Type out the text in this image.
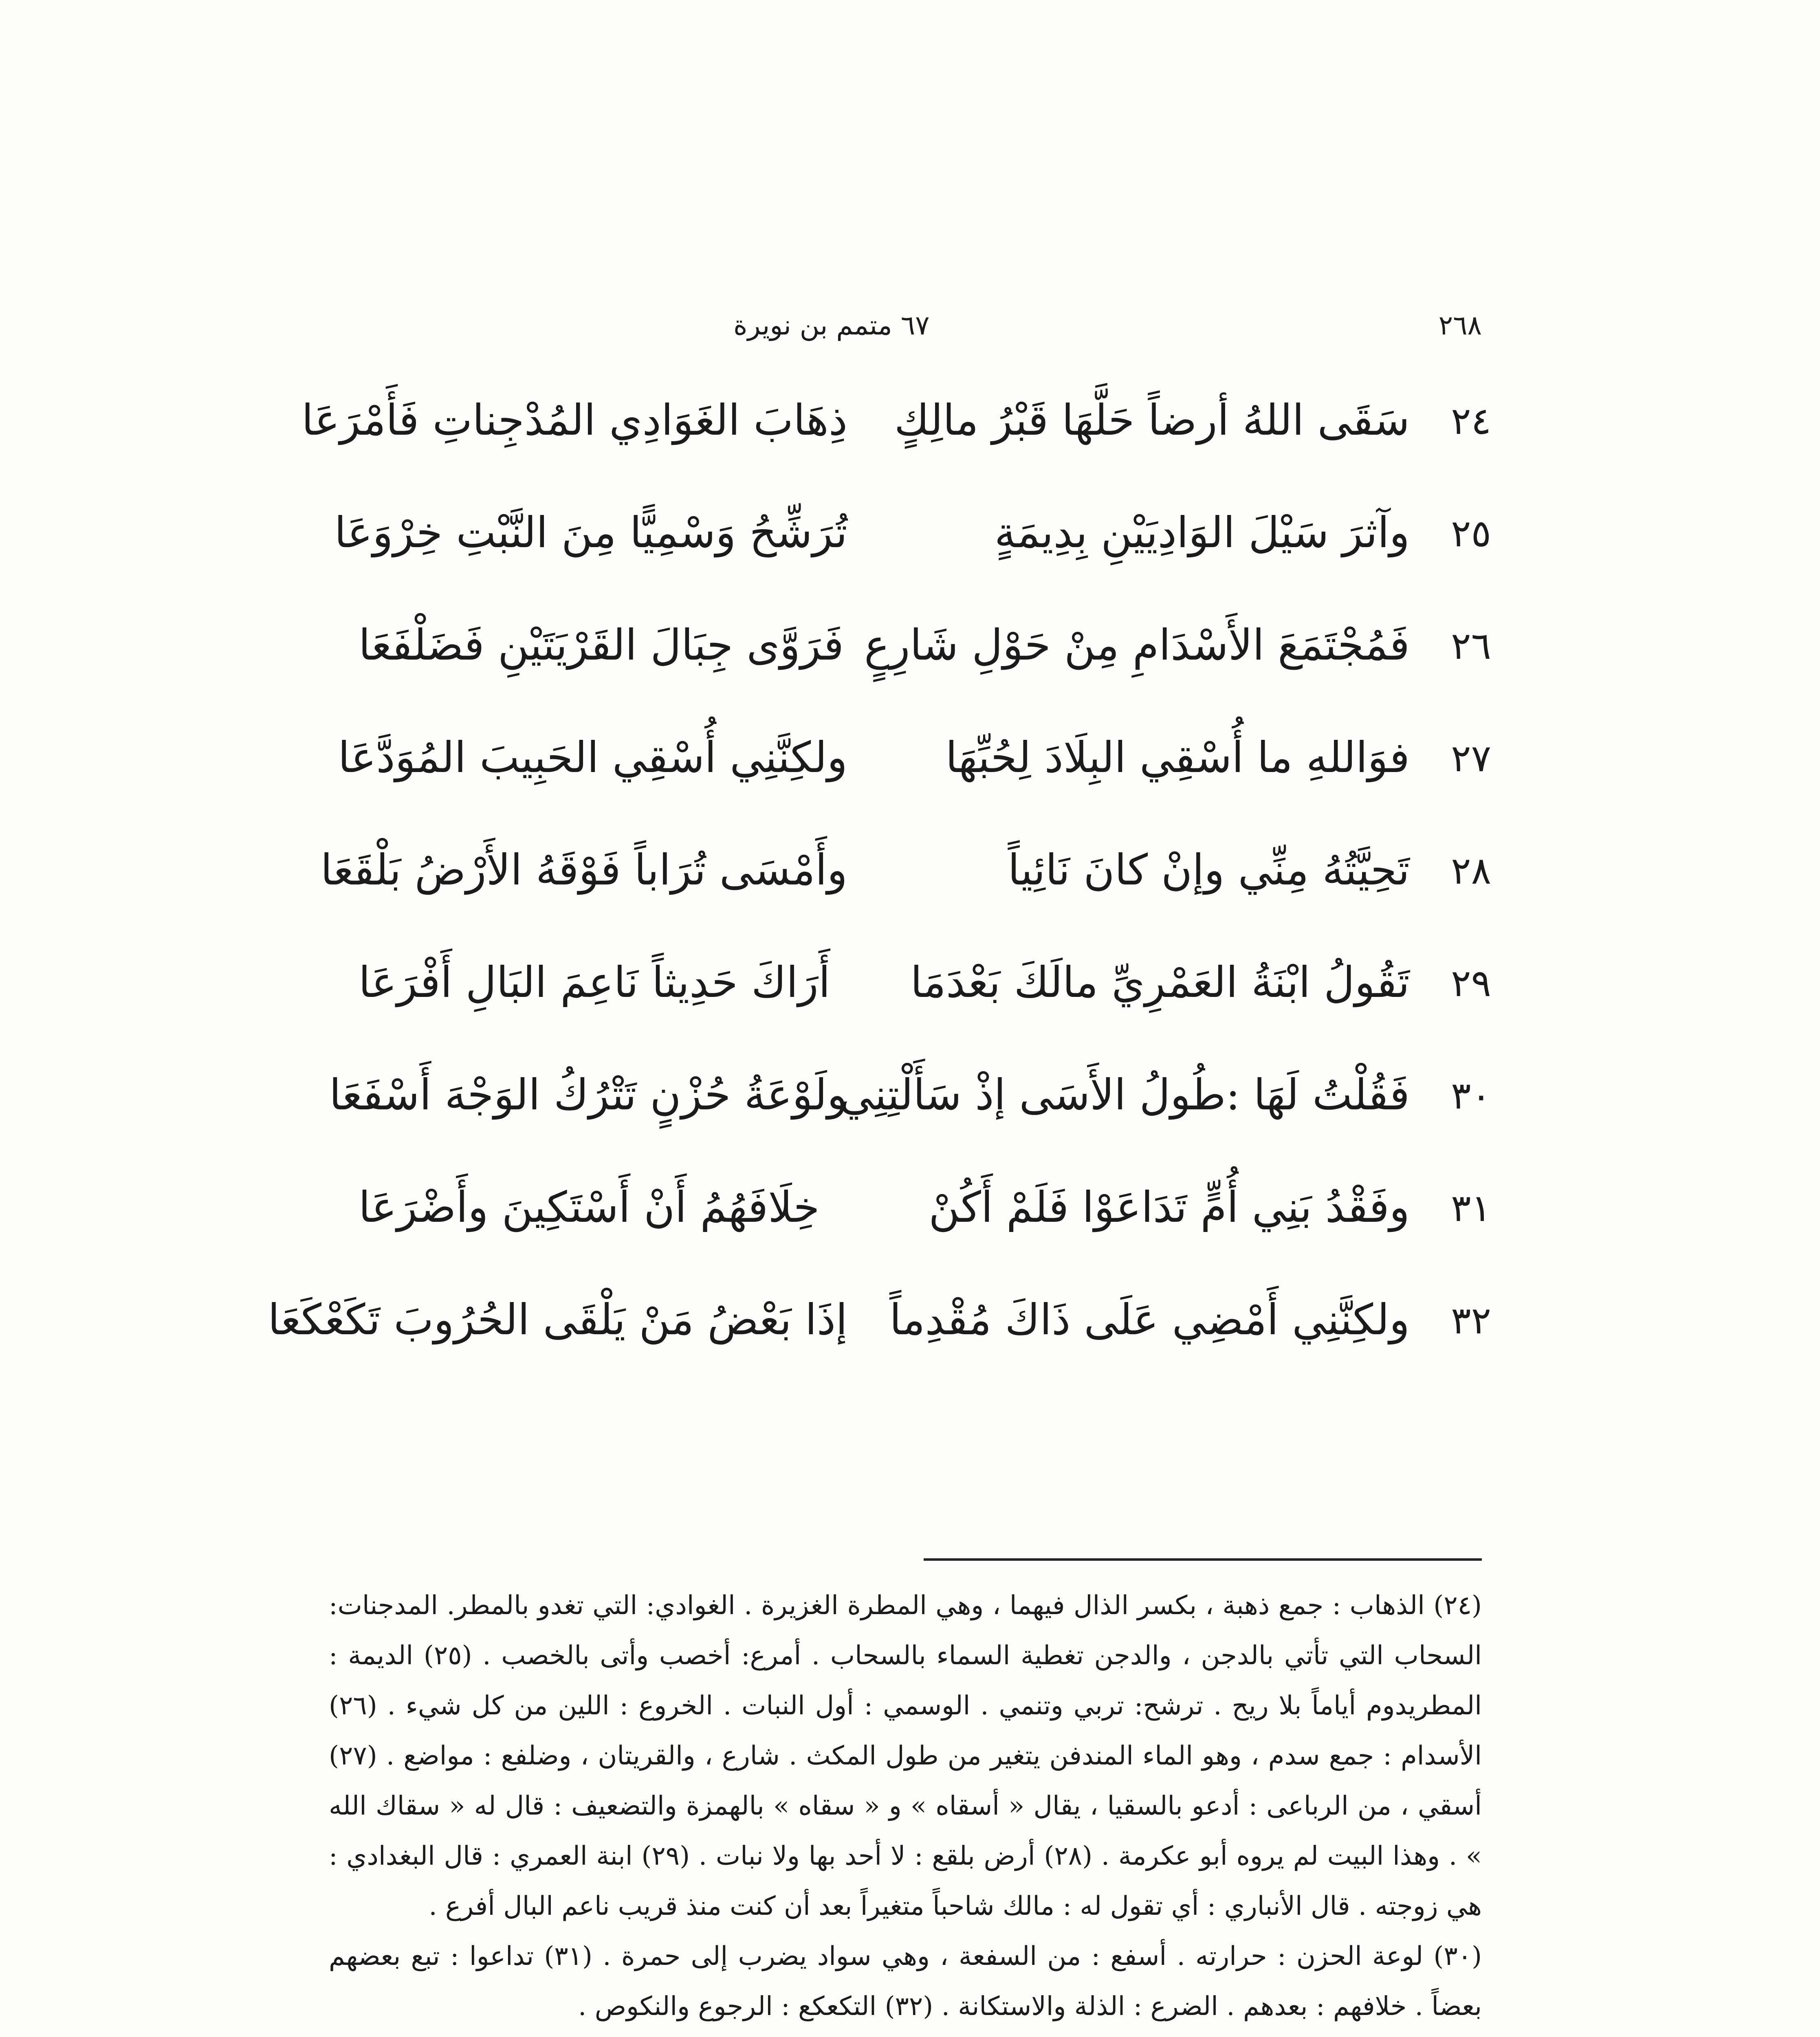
٢٦٨
٦٧ متمم بن نويرة
٢٤
سَقَى اللهُ أرضاً حَلَّهَا قَبْرُ مالِكٍ
ذِهَابَ الغَوَادِي المُدْجِناتِ فَأَمْرَعَا
٢٥
وآثرَ سَيْلَ الوَادِيَيْنِ بِدِيمَةٍ
تُرَشِّحُ وَسْمِيًّا مِنَ النَّبْتِ خِرْوَعَا
٢٦
فَمُجْتَمَعَ الأَسْدَامِ مِنْ حَوْلِ شَارِعٍ
فَرَوَّى جِبَالَ القَرْيَتَيْنِ فَضَلْفَعَا
٢٧
فوَاللهِ ما أُسْقِي البِلَادَ لِحُبِّهَا
ولكِنَّنِي أُسْقِي الحَبِيبَ المُوَدَّعَا
٢٨
تَحِيَّتُهُ مِنِّي وإنْ كانَ نَائِياً
وأَمْسَى تُرَاباً فَوْقَهُ الأَرْضُ بَلْقَعَا
٢٩
تَقُولُ ابْنَةُ العَمْرِيِّ مالَكَ بَعْدَمَا
أَرَاكَ حَدِيثاً نَاعِمَ البَالِ أَفْرَعَا
٣٠
فَقُلْتُ لَهَا :طُولُ الأَسَى إذْ سَأَلْتِنِي
ولَوْعَةُ حُزْنٍ تَتْرُكُ الوَجْهَ أَسْفَعَا
٣١
وفَقْدُ بَنِي أُمٍّ تَدَاعَوْا فَلَمْ أَكُنْ
خِلَافَهُمُ أَنْ أَسْتَكِينَ وأَضْرَعَا
٣٢
ولكِنَّنِي أَمْضِي عَلَى ذَاكَ مُقْدِماً
إذَا بَعْضُ مَنْ يَلْقَى الحُرُوبَ تَكَعْكَعَا

(٢٤) الذهاب : جمع ذهبة ، بكسر الذال فيهما ، وهي المطرة الغزيرة . الغوادي: التي تغدو بالمطر. المدجنات: السحاب التي تأتي بالدجن ، والدجن تغطية السماء بالسحاب . أمرع: أخصب وأتى بالخصب . (٢٥) الديمة : المطريدوم أياماً بلا ريح . ترشح: تربي وتنمي . الوسمي : أول النبات . الخروع : اللين من كل شيء . (٢٦) الأسدام : جمع سدم ، وهو الماء المندفن يتغير من طول المكث . شارع ، والقريتان ، وضلفع : مواضع . (٢٧) أسقي ، من الرباعى : أدعو بالسقيا ، يقال « أسقاه » و « سقاه » بالهمزة والتضعيف : قال له « سقاك الله » . وهذا البيت لم يروه أبو عكرمة . (٢٨) أرض بلقع : لا أحد بها ولا نبات . (٢٩) ابنة العمري : قال البغدادي : هي زوجته . قال الأنباري : أي تقول له : مالك شاحباً متغيراً بعد أن كنت منذ قريب ناعم البال أفرع .

(٣٠) لوعة الحزن : حرارته . أسفع : من السفعة ، وهي سواد يضرب إلى حمرة . (٣١) تداعوا : تبع بعضهم بعضاً . خلافهم : بعدهم . الضرع : الذلة والاستكانة . (٣٢) التكعكع : الرجوع والنكوص .
